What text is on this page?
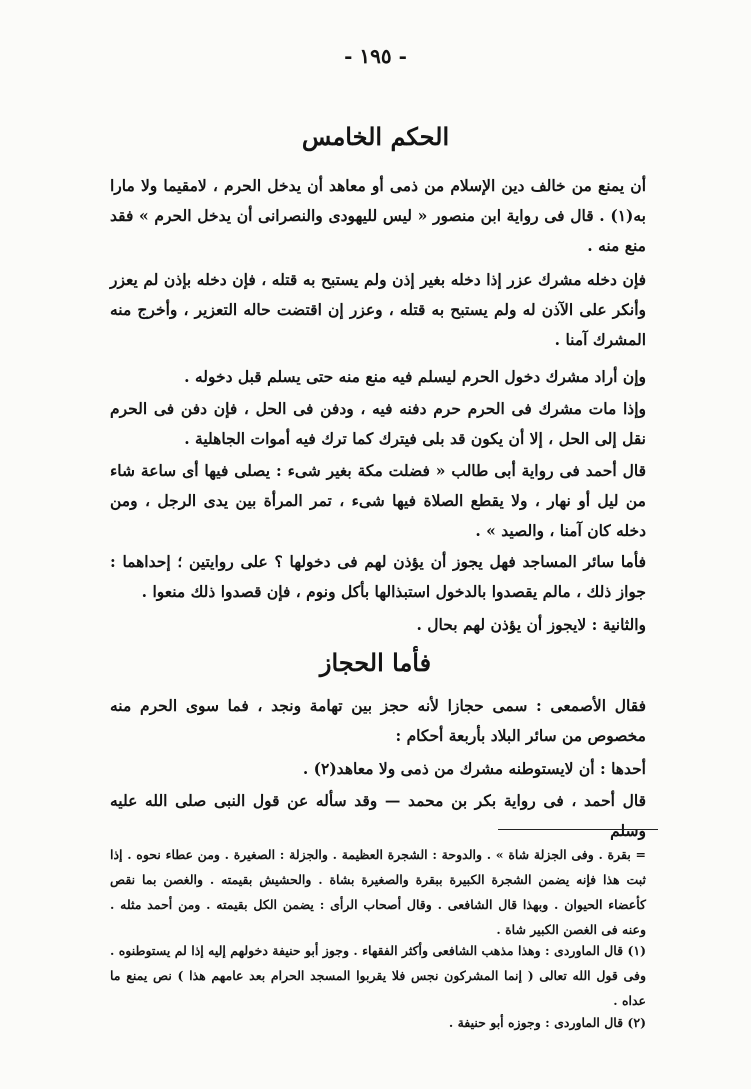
- ١٩٥ -
الحكم الخامس
أن يمنع من خالف دين الإسلام من ذمى أو معاهد أن يدخل الحرم ، لامقيما ولا مارا به(١) . قال فى رواية ابن منصور « ليس لليهودى والنصرانى أن يدخل الحرم » فقد منع منه .
فإن دخله مشرك عزر إذا دخله بغير إذن ولم يستبح به قتله ، فإن دخله بإذن لم يعزر وأنكر على الآذن له ولم يستبح به قتله ، وعزر إن اقتضت حاله التعزير ، وأخرج منه المشرك آمنا .
وإن أراد مشرك دخول الحرم ليسلم فيه منع منه حتى يسلم قبل دخوله .
وإذا مات مشرك فى الحرم حرم دفنه فيه ، ودفن فى الحل ، فإن دفن فى الحرم نقل إلى الحل ، إلا أن يكون قد بلى فيترك كما ترك فيه أموات الجاهلية .
قال أحمد فى رواية أبى طالب « فضلت مكة بغير شىء : يصلى فيها أى ساعة شاء من ليل أو نهار ، ولا يقطع الصلاة فيها شىء ، تمر المرأة بين يدى الرجل ، ومن دخله كان آمنا ، والصيد » .
فأما سائر المساجد فهل يجوز أن يؤذن لهم فى دخولها ؟ على روايتين ؛ إحداهما : جواز ذلك ، مالم يقصدوا بالدخول استبذالها بأكل ونوم ، فإن قصدوا ذلك منعوا .
والثانية : لايجوز أن يؤذن لهم بحال .
فأما الحجاز
فقال الأصمعى : سمى حجازا لأنه حجز بين تهامة ونجد ، فما سوى الحرم منه مخصوص من سائر البلاد بأربعة أحكام :
أحدها : أن لايستوطنه مشرك من ذمى ولا معاهد(٢) .
قال أحمد ، فى رواية بكر بن محمد — وقد سأله عن قول النبى صلى الله عليه وسلم
= بقرة . وفى الجزلة شاة » . والدوحة : الشجرة العظيمة . والجزلة : الصغيرة . ومن عطاء نحوه . إذا ثبت هذا فإنه يضمن الشجرة الكبيرة ببقرة والصغيرة بشاة . والحشيش بقيمته . والغصن بما نقص كأعضاء الحيوان . وبهذا قال الشافعى . وقال أصحاب الرأى : يضمن الكل بقيمته . ومن أحمد مثله . وعنه فى الغصن الكبير شاة .
(١) قال الماوردى : وهذا مذهب الشافعى وأكثر الفقهاء . وجوز أبو حنيفة دخولهم إليه إذا لم يستوطنوه . وفى قول الله تعالى ( إنما المشركون نجس فلا يقربوا المسجد الحرام بعد عامهم هذا ) نص يمنع ما عداه .
(٢) قال الماوردى : وجوزه أبو حنيفة .
